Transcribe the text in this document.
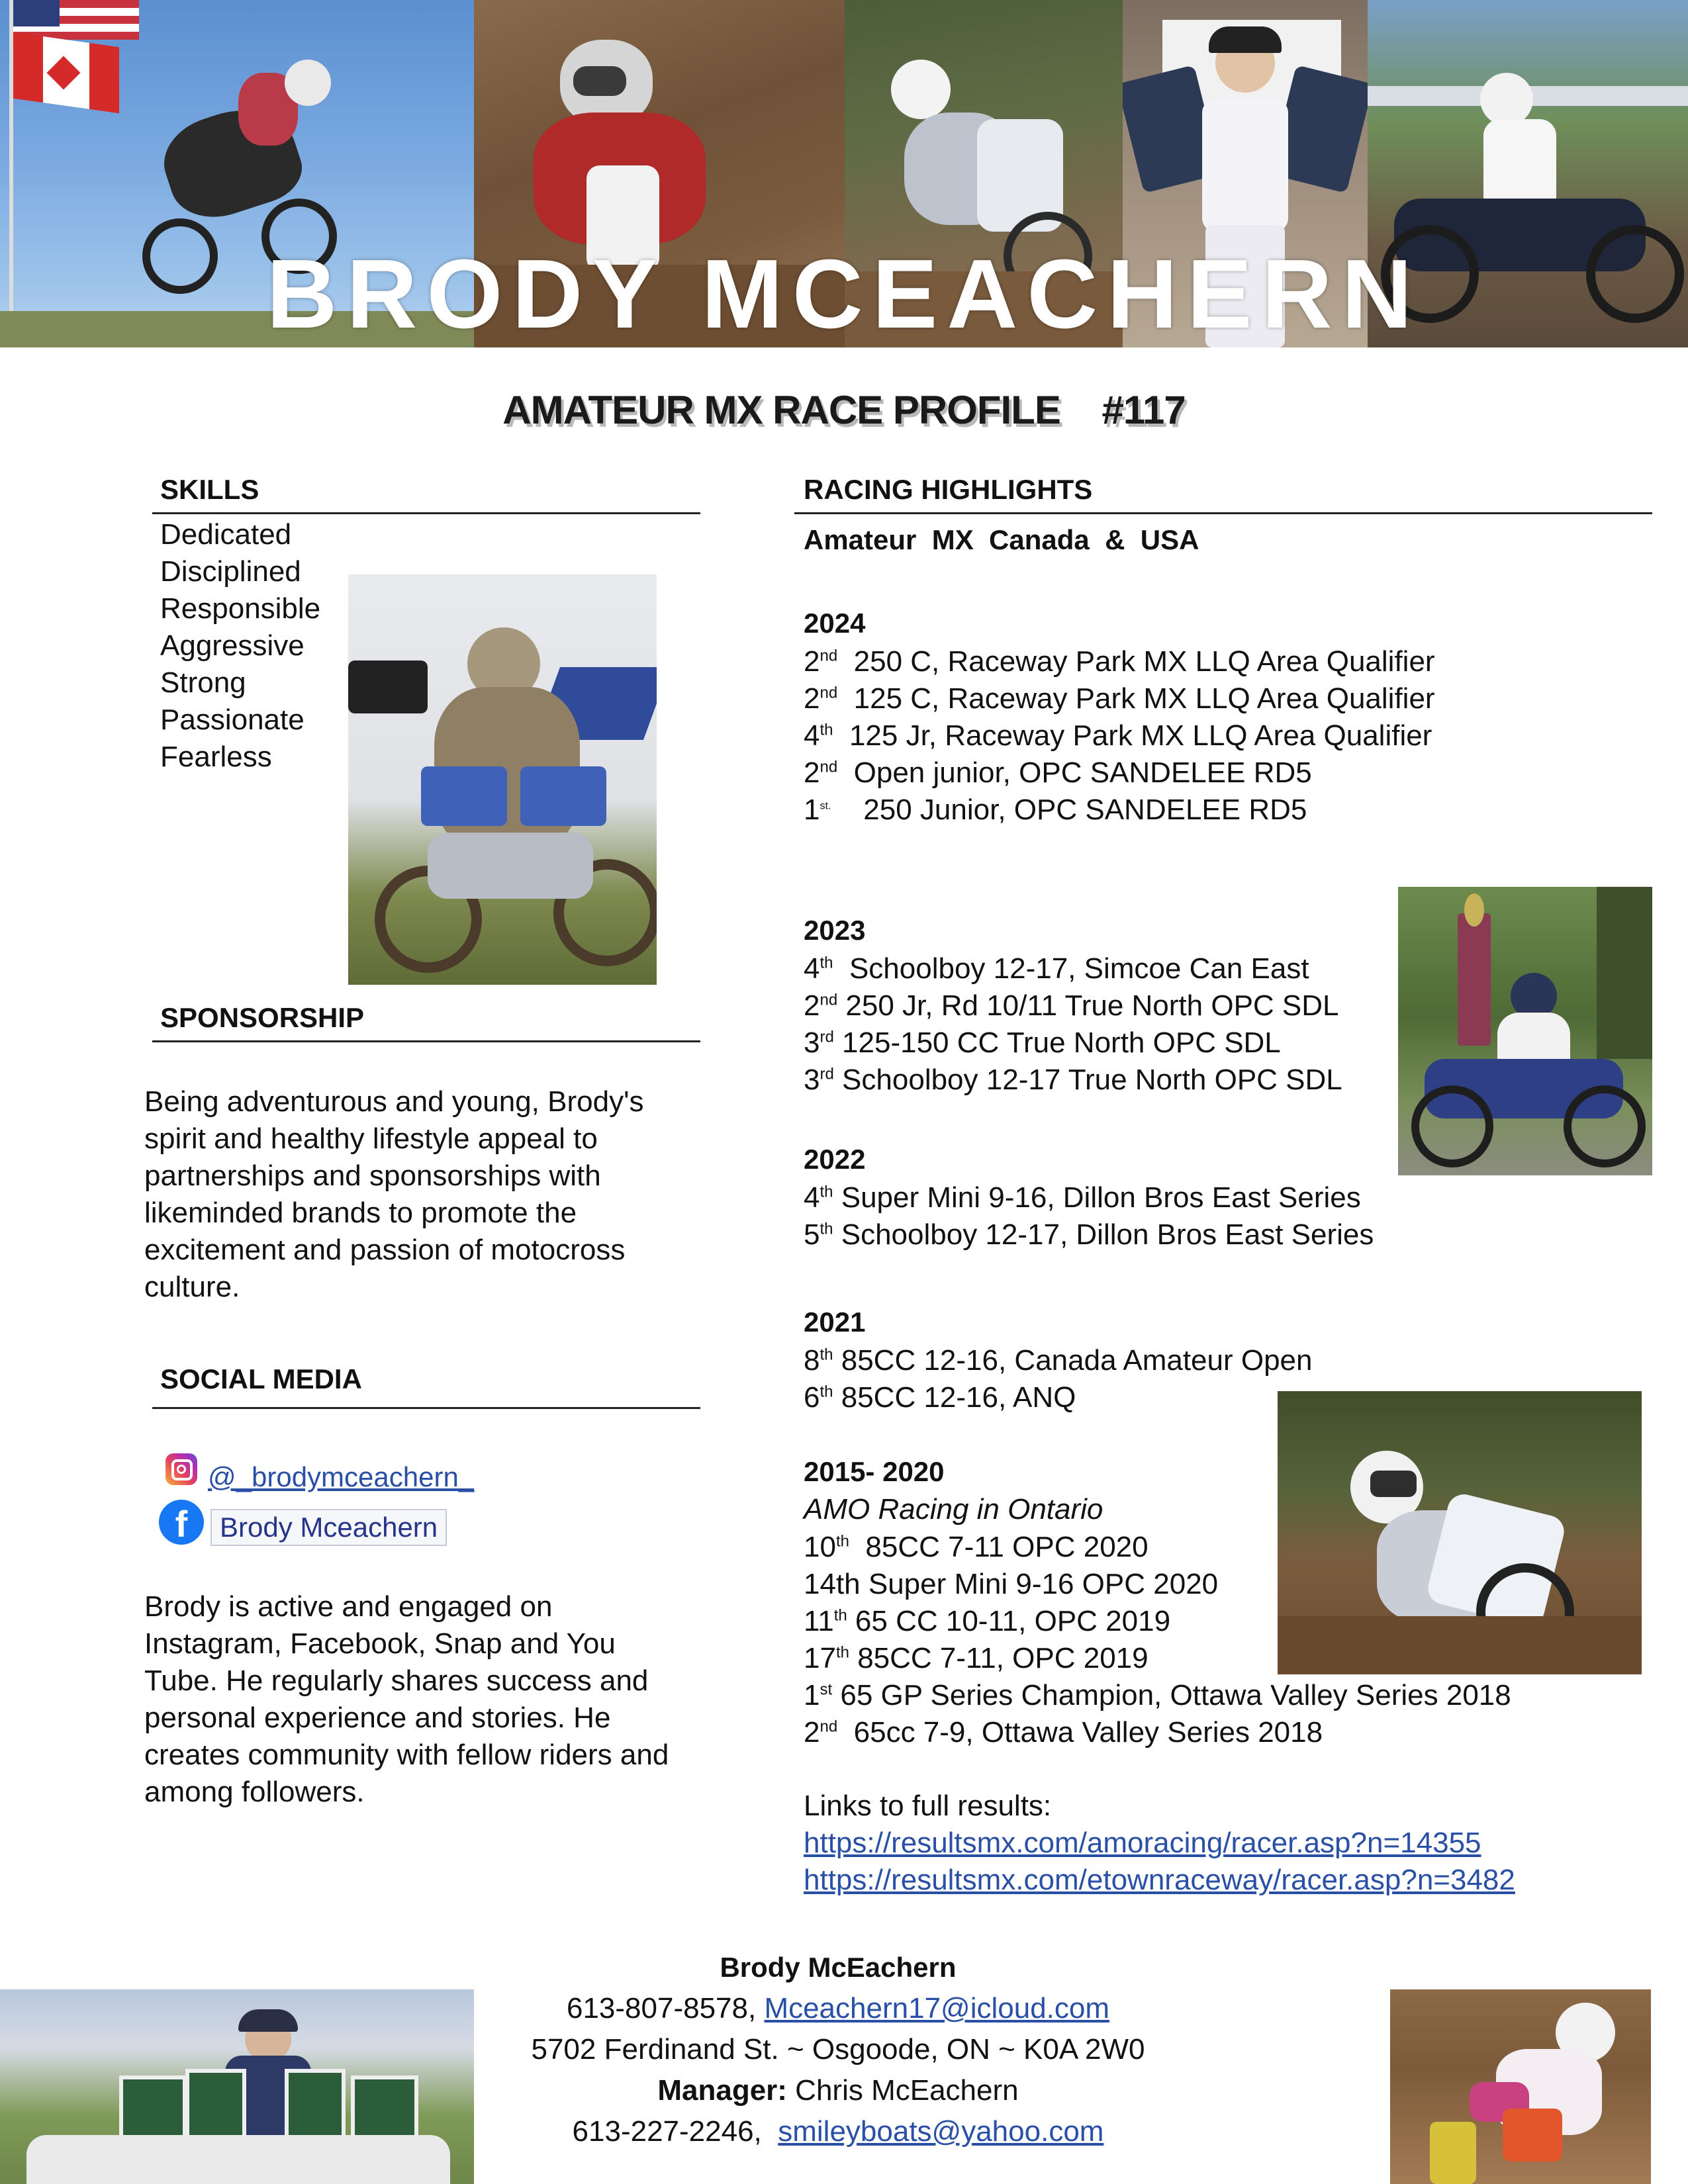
BRODY MCEACHERN
AMATEUR MX RACE PROFILE    #117
SKILLS
Dedicated
Disciplined
Responsible
Aggressive
Strong
Passionate
Fearless
SPONSORSHIP
Being adventurous and young, Brody's spirit and healthy lifestyle appeal to partnerships and sponsorships with likeminded brands to promote the excitement and passion of motocross culture.
SOCIAL MEDIA
@_brodymceachern_
f	Brody Mceachern
Brody is active and engaged on Instagram, Facebook, Snap and You Tube. He regularly shares success and personal experience and stories. He creates community with fellow riders and among followers.
RACING HIGHLIGHTS
Amateur  MX  Canada  &  USA
2024
2nd  250 C, Raceway Park MX LLQ Area Qualifier
2nd  125 C, Raceway Park MX LLQ Area Qualifier
4th  125 Jr, Raceway Park MX LLQ Area Qualifier
2nd  Open junior, OPC SANDELEE RD5
$1^{st.}$    250 Junior, OPC SANDELEE RD5
2023
4th  Schoolboy 12-17, Simcoe Can East
2nd 250 Jr, Rd 10/11 True North OPC SDL
3rd 125-150 CC True North OPC SDL
3rd Schoolboy 12-17 True North OPC SDL
2022
4th Super Mini 9-16, Dillon Bros East Series
5th Schoolboy 12-17, Dillon Bros East Series
2021
8th 85CC 12-16, Canada Amateur Open
6th 85CC 12-16, ANQ
2015- 2020
AMO Racing in Ontario
10th  85CC 7-11 OPC 2020
14th Super Mini 9-16 OPC 2020
11th 65 CC 10-11, OPC 2019
17th 85CC 7-11, OPC 2019
1st 65 GP Series Champion, Ottawa Valley Series 2018
2nd  65cc 7-9, Ottawa Valley Series 2018
Links to full results:
https://resultsmx.com/amoracing/racer.asp?n=14355
https://resultsmx.com/etownraceway/racer.asp?n=3482
Brody McEachern
613-807-8578, Mceachern17@icloud.com
5702 Ferdinand St. ~ Osgoode, ON ~ K0A 2W0
Manager: Chris McEachern
613-227-2246,  smileyboats@yahoo.com
